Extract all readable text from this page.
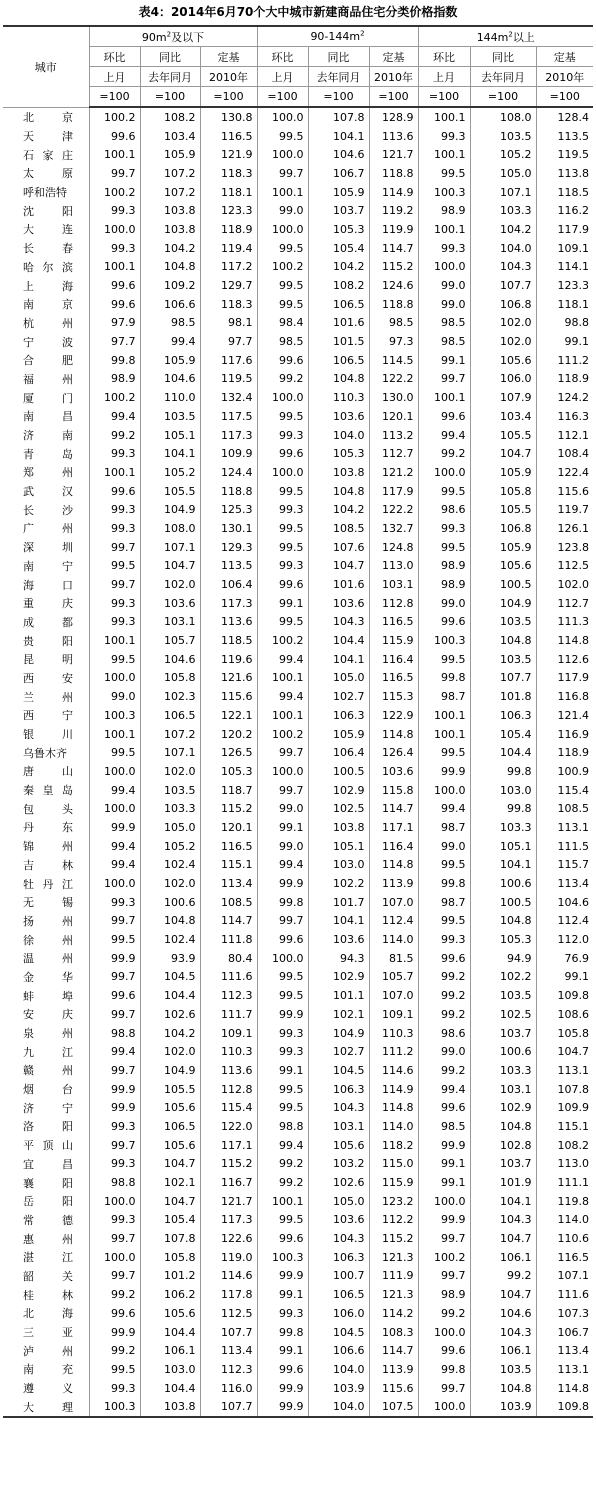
表4：2014年6月70个大中城市新建商品住宅分类价格指数
城市	$90m^2$及以下			$90-144m^2$			$144m^2$以上		
	环比	同比	定基	环比	同比	定基	环比	同比	定基
	上月	去年同月	2010年	上月	去年同月	2010年	上月	去年同月	2010年
	=100	=100	=100	=100	=100	=100	=100	=100	=100

北 京	100.2	108.2	130.8	100.0	107.8	128.9	100.1	108.0	128.4

天 津	99.6	103.4	116.5	99.5	104.1	113.6	99.3	103.5	113.5

石 家 庄	100.1	105.9	121.9	100.0	104.6	121.7	100.1	105.2	119.5

太 原	99.7	107.2	118.3	99.7	106.7	118.8	99.5	105.0	113.8

呼 和 浩 特	100.2	107.2	118.1	100.1	105.9	114.9	100.3	107.1	118.5

沈 阳	99.3	103.8	123.3	99.0	103.7	119.2	98.9	103.3	116.2

大 连	100.0	103.8	118.9	100.0	105.3	119.9	100.1	104.2	117.9

长 春	99.3	104.2	119.4	99.5	105.4	114.7	99.3	104.0	109.1

哈 尔 滨	100.1	104.8	117.2	100.2	104.2	115.2	100.0	104.3	114.1

上 海	99.6	109.2	129.7	99.5	108.2	124.6	99.0	107.7	123.3

南 京	99.6	106.6	118.3	99.5	106.5	118.8	99.0	106.8	118.1

杭 州	97.9	98.5	98.1	98.4	101.6	98.5	98.5	102.0	98.8

宁 波	97.7	99.4	97.7	98.5	101.5	97.3	98.5	102.0	99.1

合 肥	99.8	105.9	117.6	99.6	106.5	114.5	99.1	105.6	111.2

福 州	98.9	104.6	119.5	99.2	104.8	122.2	99.7	106.0	118.9

厦 门	100.2	110.0	132.4	100.0	110.3	130.0	100.1	107.9	124.2

南 昌	99.4	103.5	117.5	99.5	103.6	120.1	99.6	103.4	116.3

济 南	99.2	105.1	117.3	99.3	104.0	113.2	99.4	105.5	112.1

青 岛	99.3	104.1	109.9	99.6	105.3	112.7	99.2	104.7	108.4

郑 州	100.1	105.2	124.4	100.0	103.8	121.2	100.0	105.9	122.4

武 汉	99.6	105.5	118.8	99.5	104.8	117.9	99.5	105.8	115.6

长 沙	99.3	104.9	125.3	99.3	104.2	122.2	98.6	105.5	119.7

广 州	99.3	108.0	130.1	99.5	108.5	132.7	99.3	106.8	126.1

深 圳	99.7	107.1	129.3	99.5	107.6	124.8	99.5	105.9	123.8

南 宁	99.5	104.7	113.5	99.3	104.7	113.0	98.9	105.6	112.5

海 口	99.7	102.0	106.4	99.6	101.6	103.1	98.9	100.5	102.0

重 庆	99.3	103.6	117.3	99.1	103.6	112.8	99.0	104.9	112.7

成 都	99.3	103.1	113.6	99.5	104.3	116.5	99.6	103.5	111.3

贵 阳	100.1	105.7	118.5	100.2	104.4	115.9	100.3	104.8	114.8

昆 明	99.5	104.6	119.6	99.4	104.1	116.4	99.5	103.5	112.6

西 安	100.0	105.8	121.6	100.1	105.0	116.5	99.8	107.7	117.9

兰 州	99.0	102.3	115.6	99.4	102.7	115.3	98.7	101.8	116.8

西 宁	100.3	106.5	122.1	100.1	106.3	122.9	100.1	106.3	121.4

银 川	100.1	107.2	120.2	100.2	105.9	114.8	100.1	105.4	116.9

乌 鲁 木 齐	99.5	107.1	126.5	99.7	106.4	126.4	99.5	104.4	118.9

唐 山	100.0	102.0	105.3	100.0	100.5	103.6	99.9	99.8	100.9

秦 皇 岛	99.4	103.5	118.7	99.7	102.9	115.8	100.0	103.0	115.4

包 头	100.0	103.3	115.2	99.0	102.5	114.7	99.4	99.8	108.5

丹 东	99.9	105.0	120.1	99.1	103.8	117.1	98.7	103.3	113.1

锦 州	99.4	105.2	116.5	99.0	105.1	116.4	99.0	105.1	111.5

吉 林	99.4	102.4	115.1	99.4	103.0	114.8	99.5	104.1	115.7

牡 丹 江	100.0	102.0	113.4	99.9	102.2	113.9	99.8	100.6	113.4

无 锡	99.3	100.6	108.5	99.8	101.7	107.0	98.7	100.5	104.6

扬 州	99.7	104.8	114.7	99.7	104.1	112.4	99.5	104.8	112.4

徐 州	99.5	102.4	111.8	99.6	103.6	114.0	99.3	105.3	112.0

温 州	99.9	93.9	80.4	100.0	94.3	81.5	99.6	94.9	76.9

金 华	99.7	104.5	111.6	99.5	102.9	105.7	99.2	102.2	99.1

蚌 埠	99.6	104.4	112.3	99.5	101.1	107.0	99.2	103.5	109.8

安 庆	99.7	102.6	111.7	99.9	102.1	109.1	99.2	102.5	108.6

泉 州	98.8	104.2	109.1	99.3	104.9	110.3	98.6	103.7	105.8

九 江	99.4	102.0	110.3	99.3	102.7	111.2	99.0	100.6	104.7

赣 州	99.7	104.9	113.6	99.1	104.5	114.6	99.2	103.3	113.1

烟 台	99.9	105.5	112.8	99.5	106.3	114.9	99.4	103.1	107.8

济 宁	99.9	105.6	115.4	99.5	104.3	114.8	99.6	102.9	109.9

洛 阳	99.3	106.5	122.0	98.8	103.1	114.0	98.5	104.8	115.1

平 顶 山	99.7	105.6	117.1	99.4	105.6	118.2	99.9	102.8	108.2

宜 昌	99.3	104.7	115.2	99.2	103.2	115.0	99.1	103.7	113.0

襄 阳	98.8	102.1	116.7	99.2	102.6	115.9	99.1	101.9	111.1

岳 阳	100.0	104.7	121.7	100.1	105.0	123.2	100.0	104.1	119.8

常 德	99.3	105.4	117.3	99.5	103.6	112.2	99.9	104.3	114.0

惠 州	99.7	107.8	122.6	99.6	104.3	115.2	99.7	104.7	110.6

湛 江	100.0	105.8	119.0	100.3	106.3	121.3	100.2	106.1	116.5

韶 关	99.7	101.2	114.6	99.9	100.7	111.9	99.7	99.2	107.1

桂 林	99.2	106.2	117.8	99.1	106.5	121.3	98.9	104.7	111.6

北 海	99.6	105.6	112.5	99.3	106.0	114.2	99.2	104.6	107.3

三 亚	99.9	104.4	107.7	99.8	104.5	108.3	100.0	104.3	106.7

泸 州	99.2	106.1	113.4	99.1	106.6	114.7	99.6	106.1	113.4

南 充	99.5	103.0	112.3	99.6	104.0	113.9	99.8	103.5	113.1

遵 义	99.3	104.4	116.0	99.9	103.9	115.6	99.7	104.8	114.8

大 理	100.3	103.8	107.7	99.9	104.0	107.5	100.0	103.9	109.8
